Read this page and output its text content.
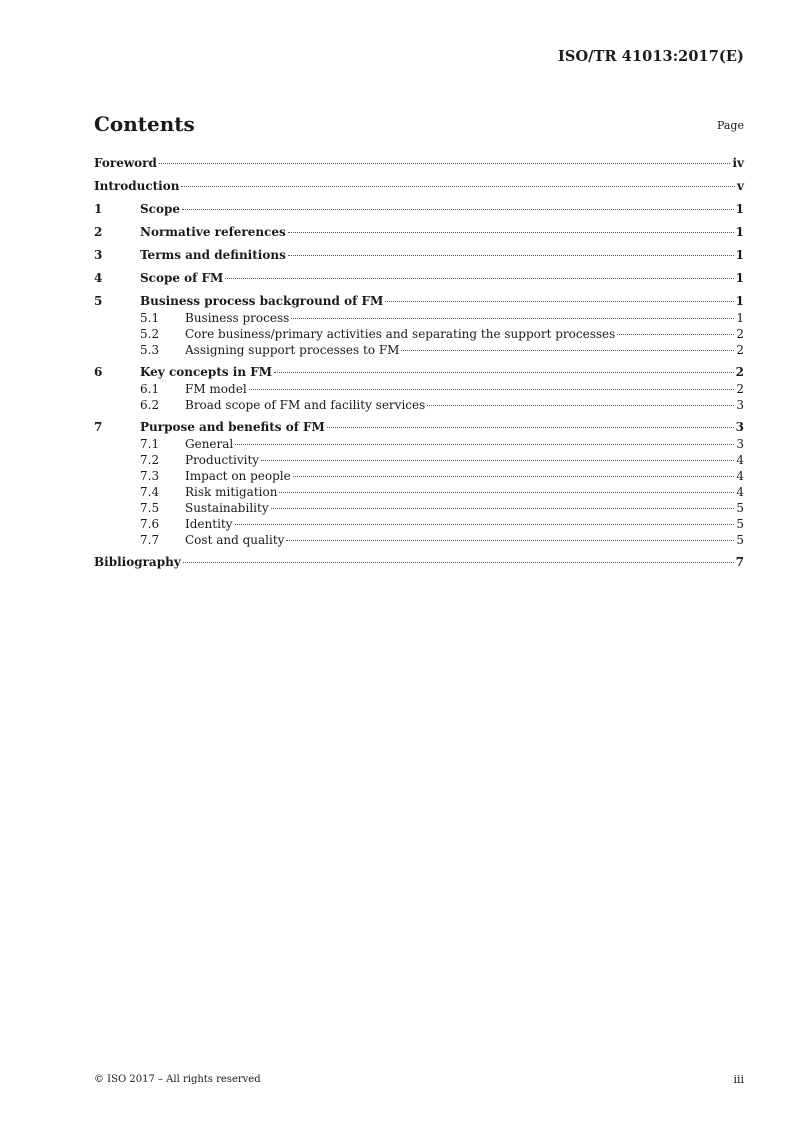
ISO/TR 41013:2017(E)
Contents	Page
Foreword	iv
Introduction	v
1	Scope	1
2	Normative references	1
3	Terms and definitions	1
4	Scope of FM	1
5	Business process background of FM	1
5.1	Business process	1
5.2	Core business/primary activities and separating the support processes	2
5.3	Assigning support processes to FM	2
6	Key concepts in FM	2
6.1	FM model	2
6.2	Broad scope of FM and facility services	3
7	Purpose and benefits of FM	3
7.1	General	3
7.2	Productivity	4
7.3	Impact on people	4
7.4	Risk mitigation	4
7.5	Sustainability	5
7.6	Identity	5
7.7	Cost and quality	5
Bibliography	7
© ISO 2017 – All rights reserved	iii
